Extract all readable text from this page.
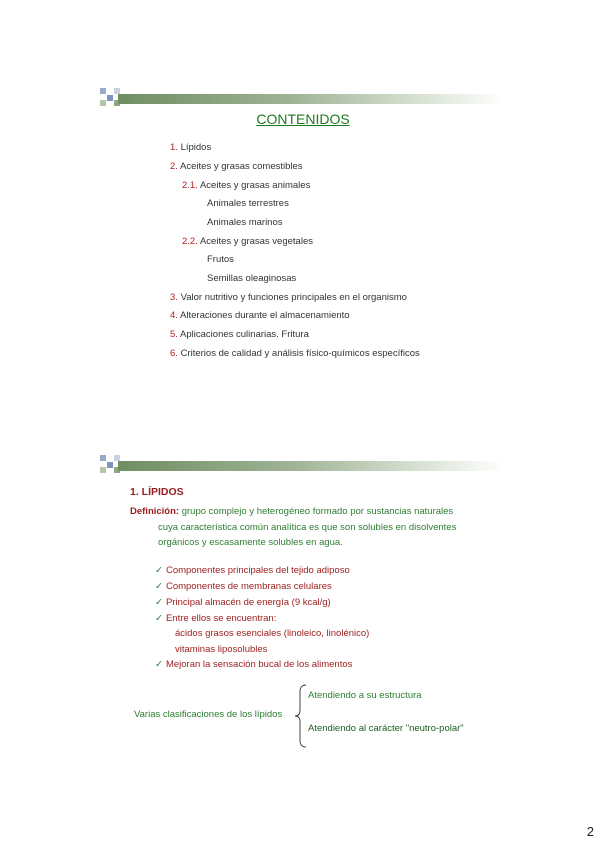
CONTENIDOS
1. Lípidos
2. Aceites y grasas comestibles
2.1. Aceites y grasas animales
Animales terrestres
Animales marinos
2.2. Aceites y grasas vegetales
Frutos
Semillas oleaginosas
3. Valor nutritivo y funciones principales en el organismo
4. Alteraciones durante el almacenamiento
5. Aplicaciones culinarias. Fritura
6. Criterios de calidad y análisis físico-químicos específicos
1. LÍPIDOS
Definición: grupo complejo y heterogéneo formado por sustancias naturales
cuya característica común analítica es que son solubles en disolventes
orgánicos y escasamente solubles en agua.
✓ Componentes principales del tejido adiposo
✓ Componentes de membranas celulares
✓ Principal almacén de energía (9 kcal/g)
✓ Entre ellos se encuentran:
ácidos grasos esenciales (linoleico, linolénico)
vitaminas liposolubles
✓ Mejoran la sensación bucal de los alimentos
Varias clasificaciones de los lípidos
Atendiendo a su estructura
Atendiendo al carácter "neutro-polar"
2
